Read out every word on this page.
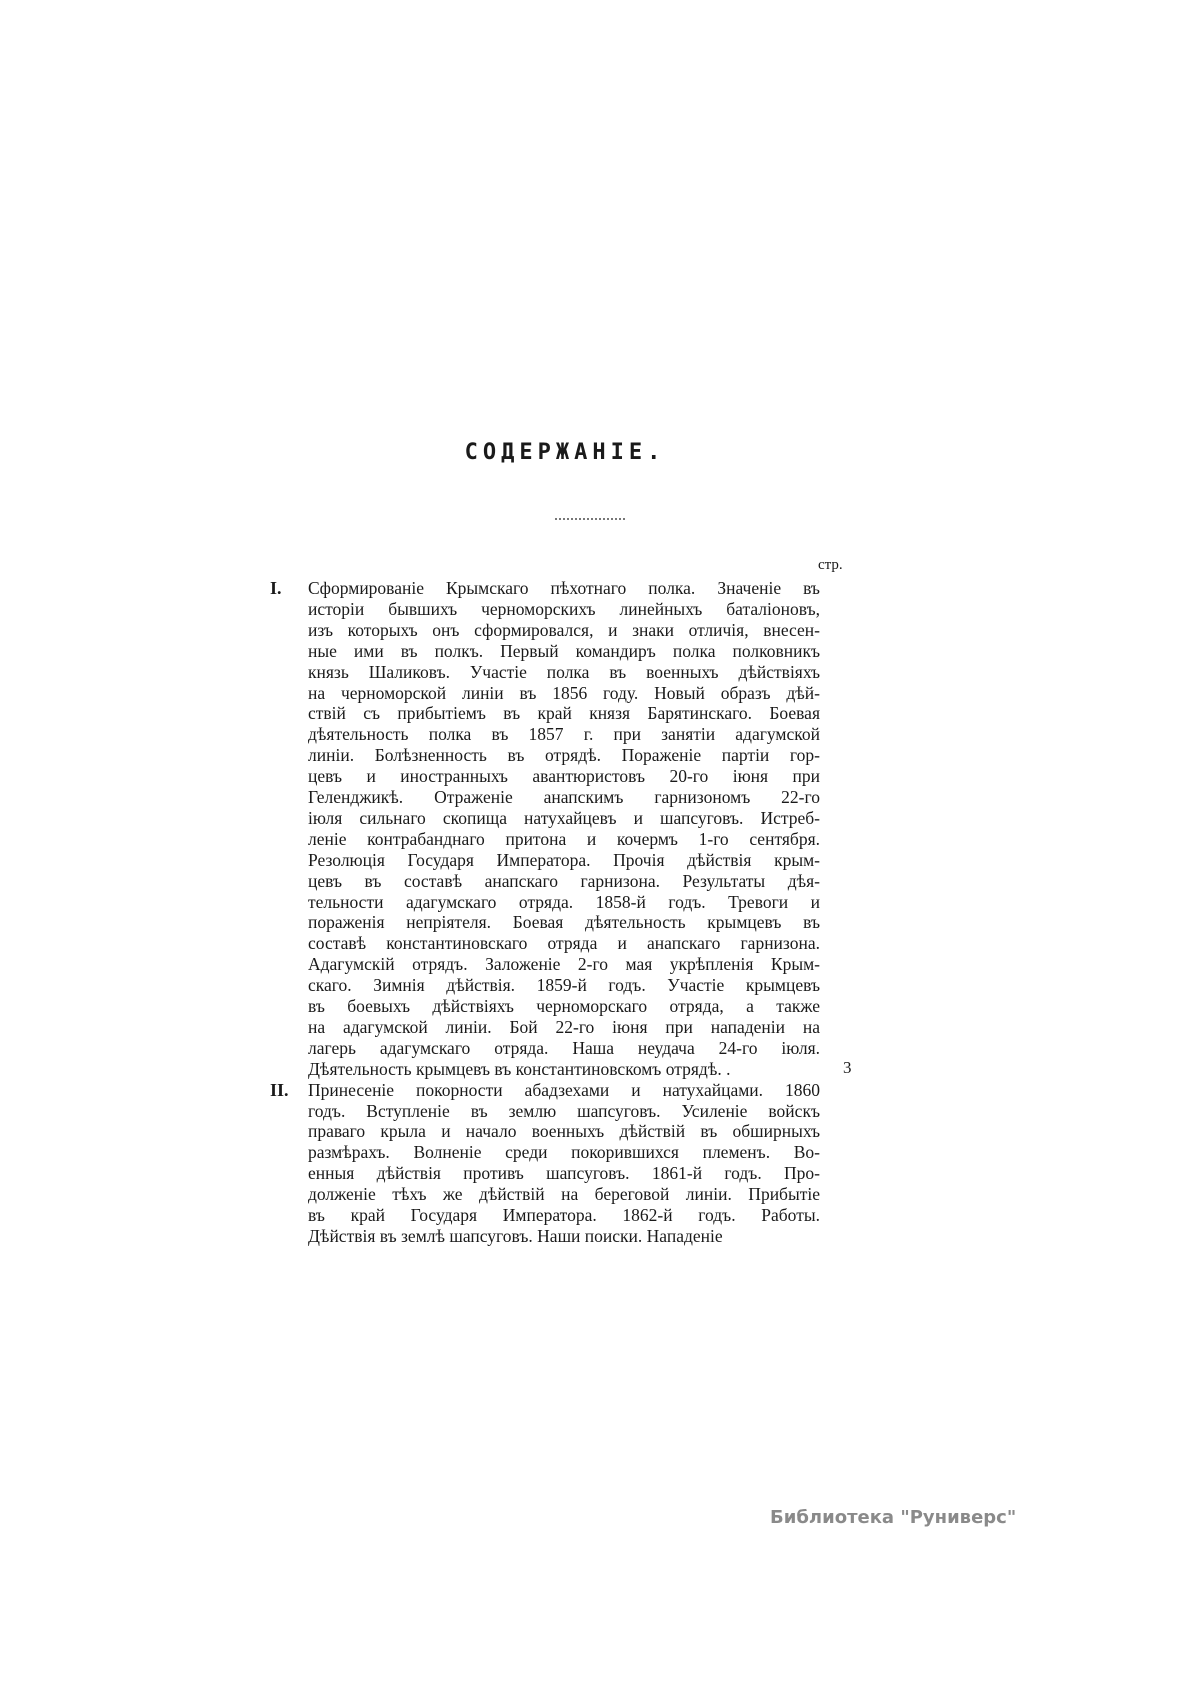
СОДЕРЖАНІЕ.
стр.
I. Сформированіе Крымскаго пѣхотнаго полка. Значеніе въ
исторіи бывшихъ черноморскихъ линейныхъ баталіоновъ,
изъ которыхъ онъ сформировался, и знаки отличія, внесен-
ные ими въ полкъ. Первый командиръ полка полковникъ
князь Шаликовъ. Участіе полка въ военныхъ дѣйствіяхъ
на черноморской линіи въ 1856 году. Новый образъ дѣй-
ствій съ прибытіемъ въ край князя Барятинскаго. Боевая
дѣятельность полка въ 1857 г. при занятіи адагумской
линіи. Болѣзненность въ отрядѣ. Пораженіе партіи гор-
цевъ и иностранныхъ авантюристовъ 20-го іюня при
Геленджикѣ. Отраженіе анапскимъ гарнизономъ 22-го
іюля сильнаго скопища натухайцевъ и шапсуговъ. Истреб-
леніе контрабанднаго притона и кочермъ 1-го сентября.
Резолюція Государя Императора. Прочія дѣйствія крым-
цевъ въ составѣ анапскаго гарнизона. Результаты дѣя-
тельности адагумскаго отряда. 1858-й годъ. Тревоги и
пораженія непріятеля. Боевая дѣятельность крымцевъ въ
составѣ константиновскаго отряда и анапскаго гарнизона.
Адагумскій отрядъ. Заложеніе 2-го мая укрѣпленія Крым-
скаго. Зимнія дѣйствія. 1859-й годъ. Участіе крымцевъ
въ боевыхъ дѣйствіяхъ черноморскаго отряда, а также
на адагумской линіи. Бой 22-го іюня при нападеніи на
лагерь адагумскаго отряда. Наша неудача 24-го іюля.
Дѣятельность крымцевъ въ константиновскомъ отрядѣ. .
II. Принесеніе покорности абадзехами и натухайцами. 1860
годъ. Вступленіе въ землю шапсуговъ. Усиленіе войскъ
праваго крыла и начало военныхъ дѣйствій въ обширныхъ
размѣрахъ. Волненіе среди покорившихся племенъ. Во-
енныя дѣйствія противъ шапсуговъ. 1861-й годъ. Про-
долженіе тѣхъ же дѣйствій на береговой линіи. Прибытіе
въ край Государя Императора. 1862-й годъ. Работы.
Дѣйствія въ землѣ шапсуговъ. Наши поиски. Нападеніе
3
Библиотека "Руниверс"
